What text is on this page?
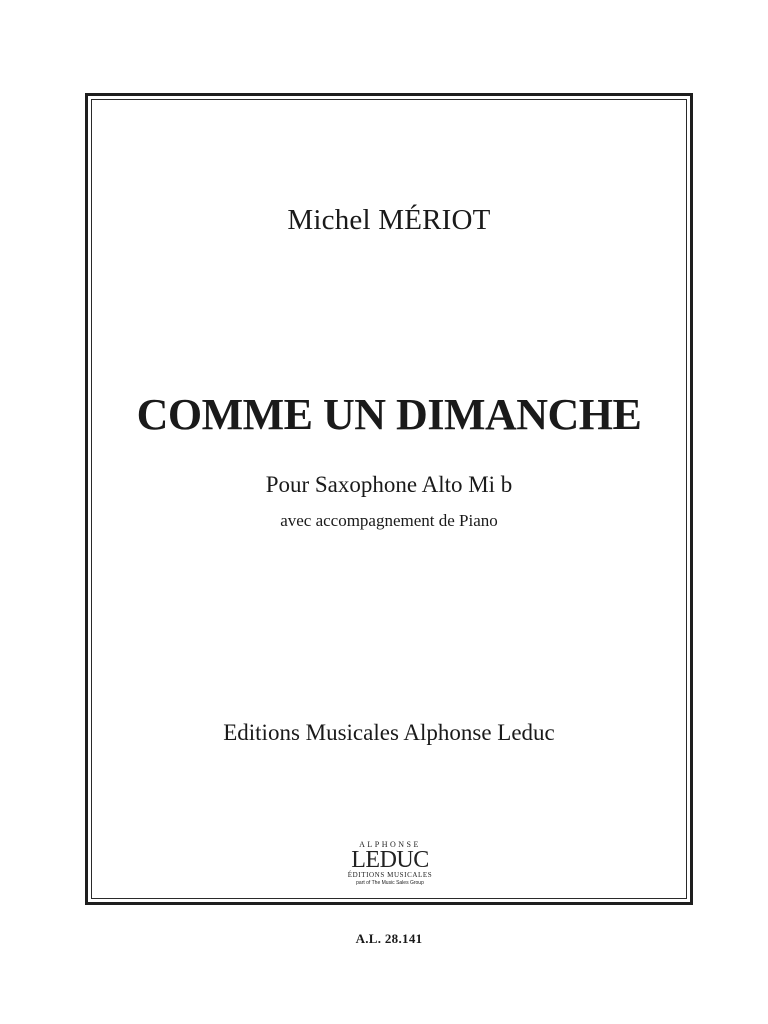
Michel MÉRIOT
COMME UN DIMANCHE
Pour Saxophone Alto Mi b
avec accompagnement de Piano
Editions Musicales Alphonse Leduc
ALPHONSE
LEDUC
ÉDITIONS MUSICALES
part of The Music Sales Group
A.L. 28.141
